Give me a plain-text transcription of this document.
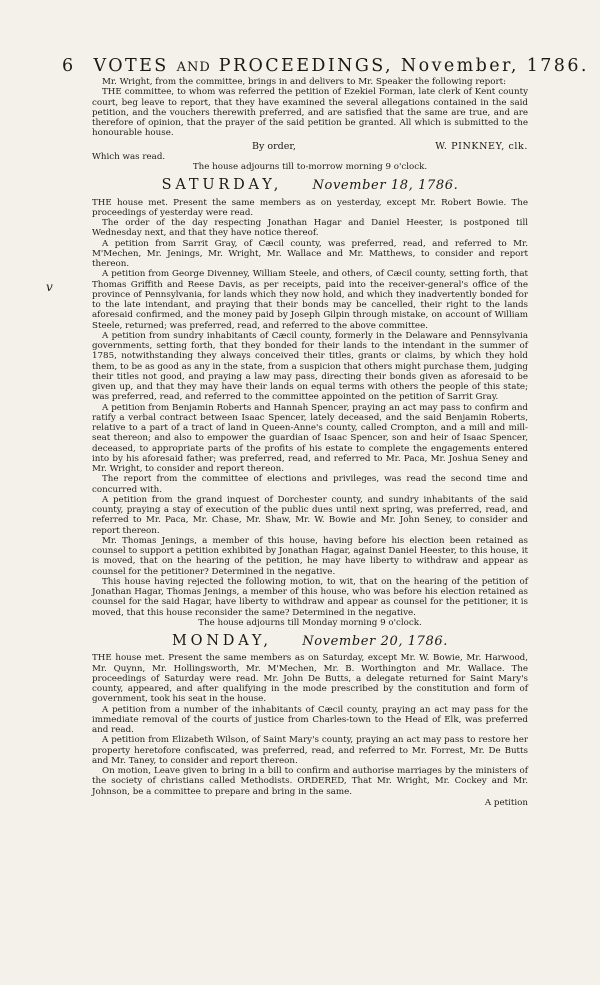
6 VOTES AND PROCEEDINGS, November, 1786.
v

Mr. Wright, from the committee, brings in and delivers to Mr. Speaker the following report:

THE committee, to whom was referred the petition of Ezekiel Forman, late clerk of Kent county court, beg leave to report, that they have examined the several allegations contained in the said petition, and the vouchers therewith preferred, and are satisfied that the same are true, and are therefore of opinion, that the prayer of the said petition be granted. All which is submitted to the honourable house.

By order,	W. PINKNEY, clk.

Which was read.

The house adjourns till to-morrow morning 9 o'clock.

SATURDAY, November 18, 1786.

THE house met. Present the same members as on yesterday, except Mr. Robert Bowie. The proceedings of yesterday were read.

The order of the day respecting Jonathan Hagar and Daniel Heester, is postponed till Wednesday next, and that they have notice thereof.

A petition from Sarrit Gray, of Cæcil county, was preferred, read, and referred to Mr. M'Mechen, Mr. Jenings, Mr. Wright, Mr. Wallace and Mr. Matthews, to consider and report thereon.

A petition from George Divenney, William Steele, and others, of Cæcil county, setting forth, that Thomas Griffith and Reese Davis, as per receipts, paid into the receiver-general's office of the province of Pennsylvania, for lands which they now hold, and which they inadvertently bonded for to the late intendant, and praying that their bonds may be cancelled, their right to the lands aforesaid confirmed, and the money paid by Joseph Gilpin through mistake, on account of William Steele, returned; was preferred, read, and referred to the above committee.

A petition from sundry inhabitants of Cæcil county, formerly in the Delaware and Pennsylvania governments, setting forth, that they bonded for their lands to the intendant in the summer of 1785, notwithstanding they always conceived their titles, grants or claims, by which they hold them, to be as good as any in the state, from a suspicion that others might purchase them, judging their titles not good, and praying a law may pass, directing their bonds given as aforesaid to be given up, and that they may have their lands on equal terms with others the people of this state; was preferred, read, and referred to the committee appointed on the petition of Sarrit Gray.

A petition from Benjamin Roberts and Hannah Spencer, praying an act may pass to confirm and ratify a verbal contract between Isaac Spencer, lately deceased, and the said Benjamin Roberts, relative to a part of a tract of land in Queen-Anne's county, called Crompton, and a mill and mill-seat thereon; and also to empower the guardian of Isaac Spencer, son and heir of Isaac Spencer, deceased, to appropriate parts of the profits of his estate to complete the engagements entered into by his aforesaid father; was preferred, read, and referred to Mr. Paca, Mr. Joshua Seney and Mr. Wright, to consider and report thereon.

The report from the committee of elections and privileges, was read the second time and concurred with.

A petition from the grand inquest of Dorchester county, and sundry inhabitants of the said county, praying a stay of execution of the public dues until next spring, was preferred, read, and referred to Mr. Paca, Mr. Chase, Mr. Shaw, Mr. W. Bowie and Mr. John Seney, to consider and report thereon.

Mr. Thomas Jenings, a member of this house, having before his election been retained as counsel to support a petition exhibited by Jonathan Hagar, against Daniel Heester, to this house, it is moved, that on the hearing of the petition, he may have liberty to withdraw and appear as counsel for the petitioner? Determined in the negative.

This house having rejected the following motion, to wit, that on the hearing of the petition of Jonathan Hagar, Thomas Jenings, a member of this house, who was before his election retained as counsel for the said Hagar, have liberty to withdraw and appear as counsel for the petitioner, it is moved, that this house reconsider the same? Determined in the negative.

The house adjourns till Monday morning 9 o'clock.

MONDAY, November 20, 1786.

THE house met. Present the same members as on Saturday, except Mr. W. Bowie, Mr. Harwood, Mr. Quynn, Mr. Hollingsworth, Mr. M'Mechen, Mr. B. Worthington and Mr. Wallace. The proceedings of Saturday were read. Mr. John De Butts, a delegate returned for Saint Mary's county, appeared, and after qualifying in the mode prescribed by the constitution and form of government, took his seat in the house.

A petition from a number of the inhabitants of Cæcil county, praying an act may pass for the immediate removal of the courts of justice from Charles-town to the Head of Elk, was preferred and read.

A petition from Elizabeth Wilson, of Saint Mary's county, praying an act may pass to restore her property heretofore confiscated, was preferred, read, and referred to Mr. Forrest, Mr. De Butts and Mr. Taney, to consider and report thereon.

On motion, Leave given to bring in a bill to confirm and authorise marriages by the ministers of the society of christians called Methodists. ORDERED, That Mr. Wright, Mr. Cockey and Mr. Johnson, be a committee to prepare and bring in the same.

A petition
